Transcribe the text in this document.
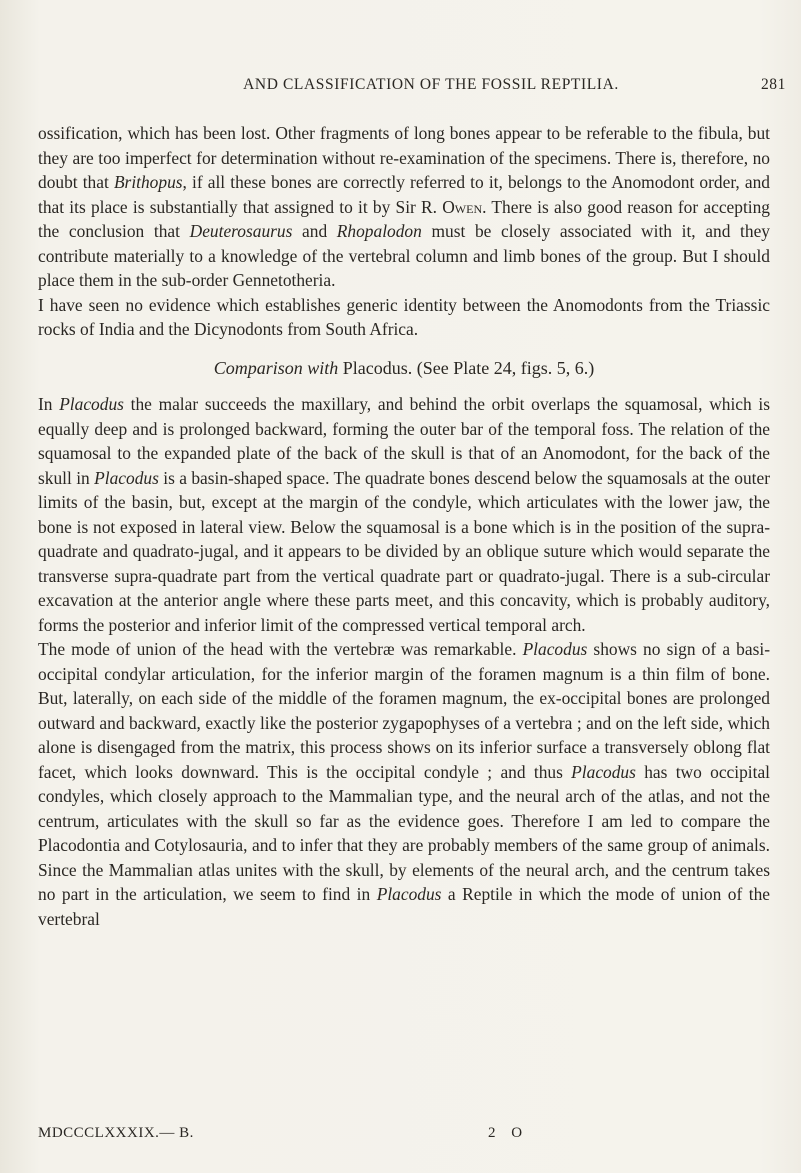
AND CLASSIFICATION OF THE FOSSIL REPTILIA.	281

ossification, which has been lost. Other fragments of long bones appear to be referable to the fibula, but they are too imperfect for determination without re-examination of the specimens. There is, therefore, no doubt that Brithopus, if all these bones are correctly referred to it, belongs to the Anomodont order, and that its place is substantially that assigned to it by Sir R. Owen. There is also good reason for accepting the conclusion that Deuterosaurus and Rhopalodon must be closely associated with it, and they contribute materially to a knowledge of the vertebral column and limb bones of the group. But I should place them in the sub-order Gennetotheria.

I have seen no evidence which establishes generic identity between the Anomodonts from the Triassic rocks of India and the Dicynodonts from South Africa.

Comparison with Placodus. (See Plate 24, figs. 5, 6.)

In Placodus the malar succeeds the maxillary, and behind the orbit overlaps the squamosal, which is equally deep and is prolonged backward, forming the outer bar of the temporal foss. The relation of the squamosal to the expanded plate of the back of the skull is that of an Anomodont, for the back of the skull in Placodus is a basin-shaped space. The quadrate bones descend below the squamosals at the outer limits of the basin, but, except at the margin of the condyle, which articulates with the lower jaw, the bone is not exposed in lateral view. Below the squamosal is a bone which is in the position of the supra-quadrate and quadrato-jugal, and it appears to be divided by an oblique suture which would separate the transverse supra-quadrate part from the vertical quadrate part or quadrato-jugal. There is a sub-circular excavation at the anterior angle where these parts meet, and this concavity, which is probably auditory, forms the posterior and inferior limit of the compressed vertical temporal arch.

The mode of union of the head with the vertebræ was remarkable. Placodus shows no sign of a basi-occipital condylar articulation, for the inferior margin of the foramen magnum is a thin film of bone. But, laterally, on each side of the middle of the foramen magnum, the ex-occipital bones are prolonged outward and backward, exactly like the posterior zygapophyses of a vertebra ; and on the left side, which alone is disengaged from the matrix, this process shows on its inferior surface a transversely oblong flat facet, which looks downward. This is the occipital condyle ; and thus Placodus has two occipital condyles, which closely approach to the Mammalian type, and the neural arch of the atlas, and not the centrum, articulates with the skull so far as the evidence goes. Therefore I am led to compare the Placodontia and Cotylosauria, and to infer that they are probably members of the same group of animals. Since the Mammalian atlas unites with the skull, by elements of the neural arch, and the centrum takes no part in the articulation, we seem to find in Placodus a Reptile in which the mode of union of the vertebral

MDCCCLXXXIX.— B.	2 O
